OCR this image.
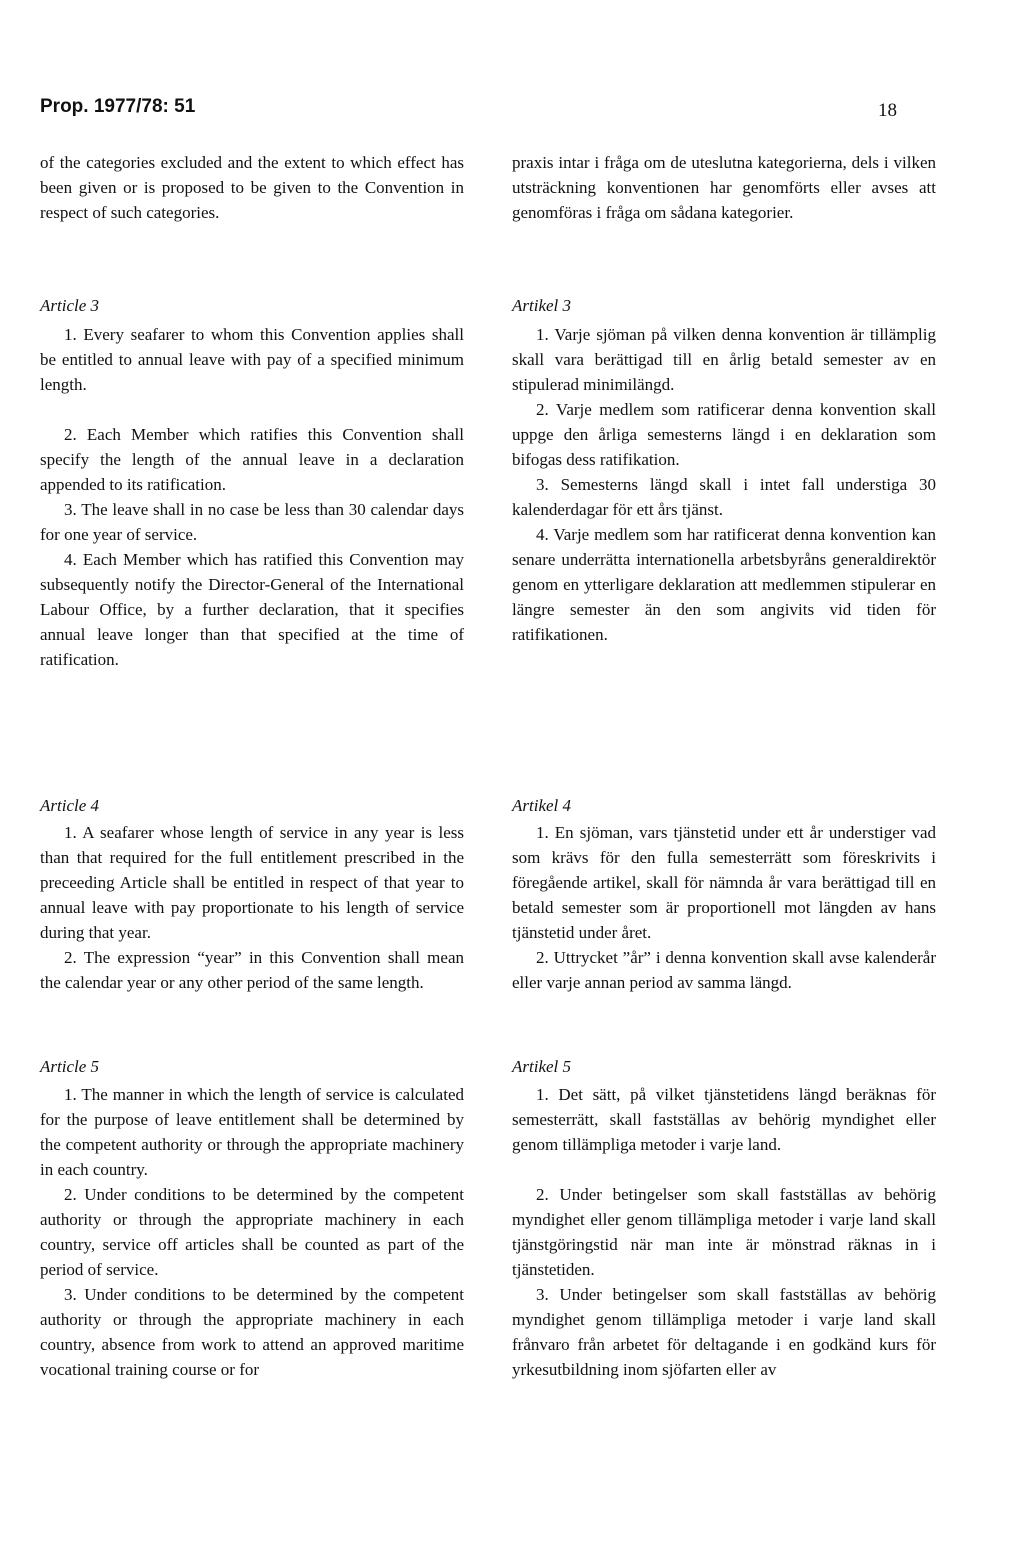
Prop. 1977/78: 51	18

of the categories excluded and the extent to which effect has been given or is proposed to be given to the Convention in respect of such categories.

praxis intar i fråga om de uteslutna kategorierna, dels i vilken utsträckning konventionen har genomförts eller avses att genomföras i fråga om sådana kategorier.

Article 3	Artikel 3

1. Every seafarer to whom this Convention applies shall be entitled to annual leave with pay of a specified minimum length.

2. Each Member which ratifies this Convention shall specify the length of the annual leave in a declaration appended to its ratification.

3. The leave shall in no case be less than 30 calendar days for one year of service.

4. Each Member which has ratified this Convention may subsequently notify the Director-General of the International Labour Office, by a further declaration, that it specifies annual leave longer than that specified at the time of ratification.

1. Varje sjöman på vilken denna konvention är tillämplig skall vara berättigad till en årlig betald semester av en stipulerad minimilängd.

2. Varje medlem som ratificerar denna konvention skall uppge den årliga semesterns längd i en deklaration som bifogas dess ratifikation.

3. Semesterns längd skall i intet fall understiga 30 kalenderdagar för ett års tjänst.

4. Varje medlem som har ratificerat denna konvention kan senare underrätta internationella arbetsbyråns generaldirektör genom en ytterligare deklaration att medlemmen stipulerar en längre semester än den som angivits vid tiden för ratifikationen.

Article 4	Artikel 4

1. A seafarer whose length of service in any year is less than that required for the full entitlement prescribed in the preceeding Article shall be entitled in respect of that year to annual leave with pay proportionate to his length of service during that year.

2. The expression “year” in this Convention shall mean the calendar year or any other period of the same length.

1. En sjöman, vars tjänstetid under ett år understiger vad som krävs för den fulla semesterrätt som föreskrivits i föregående artikel, skall för nämnda år vara berättigad till en betald semester som är proportionell mot längden av hans tjänstetid under året.

2. Uttrycket ”år” i denna konvention skall avse kalenderår eller varje annan period av samma längd.

Article 5	Artikel 5

1. The manner in which the length of service is calculated for the purpose of leave entitlement shall be determined by the competent authority or through the appropriate machinery in each country.

2. Under conditions to be determined by the competent authority or through the appropriate machinery in each country, service off articles shall be counted as part of the period of service.

3. Under conditions to be determined by the competent authority or through the appropriate machinery in each country, absence from work to attend an approved maritime vocational training course or for

1. Det sätt, på vilket tjänstetidens längd beräknas för semesterrätt, skall fastställas av behörig myndighet eller genom tillämpliga metoder i varje land.

2. Under betingelser som skall fastställas av behörig myndighet eller genom tillämpliga metoder i varje land skall tjänstgöringstid när man inte är mönstrad räknas in i tjänstetiden.

3. Under betingelser som skall fastställas av behörig myndighet genom tillämpliga metoder i varje land skall frånvaro från arbetet för deltagande i en godkänd kurs för yrkesutbildning inom sjöfarten eller av
